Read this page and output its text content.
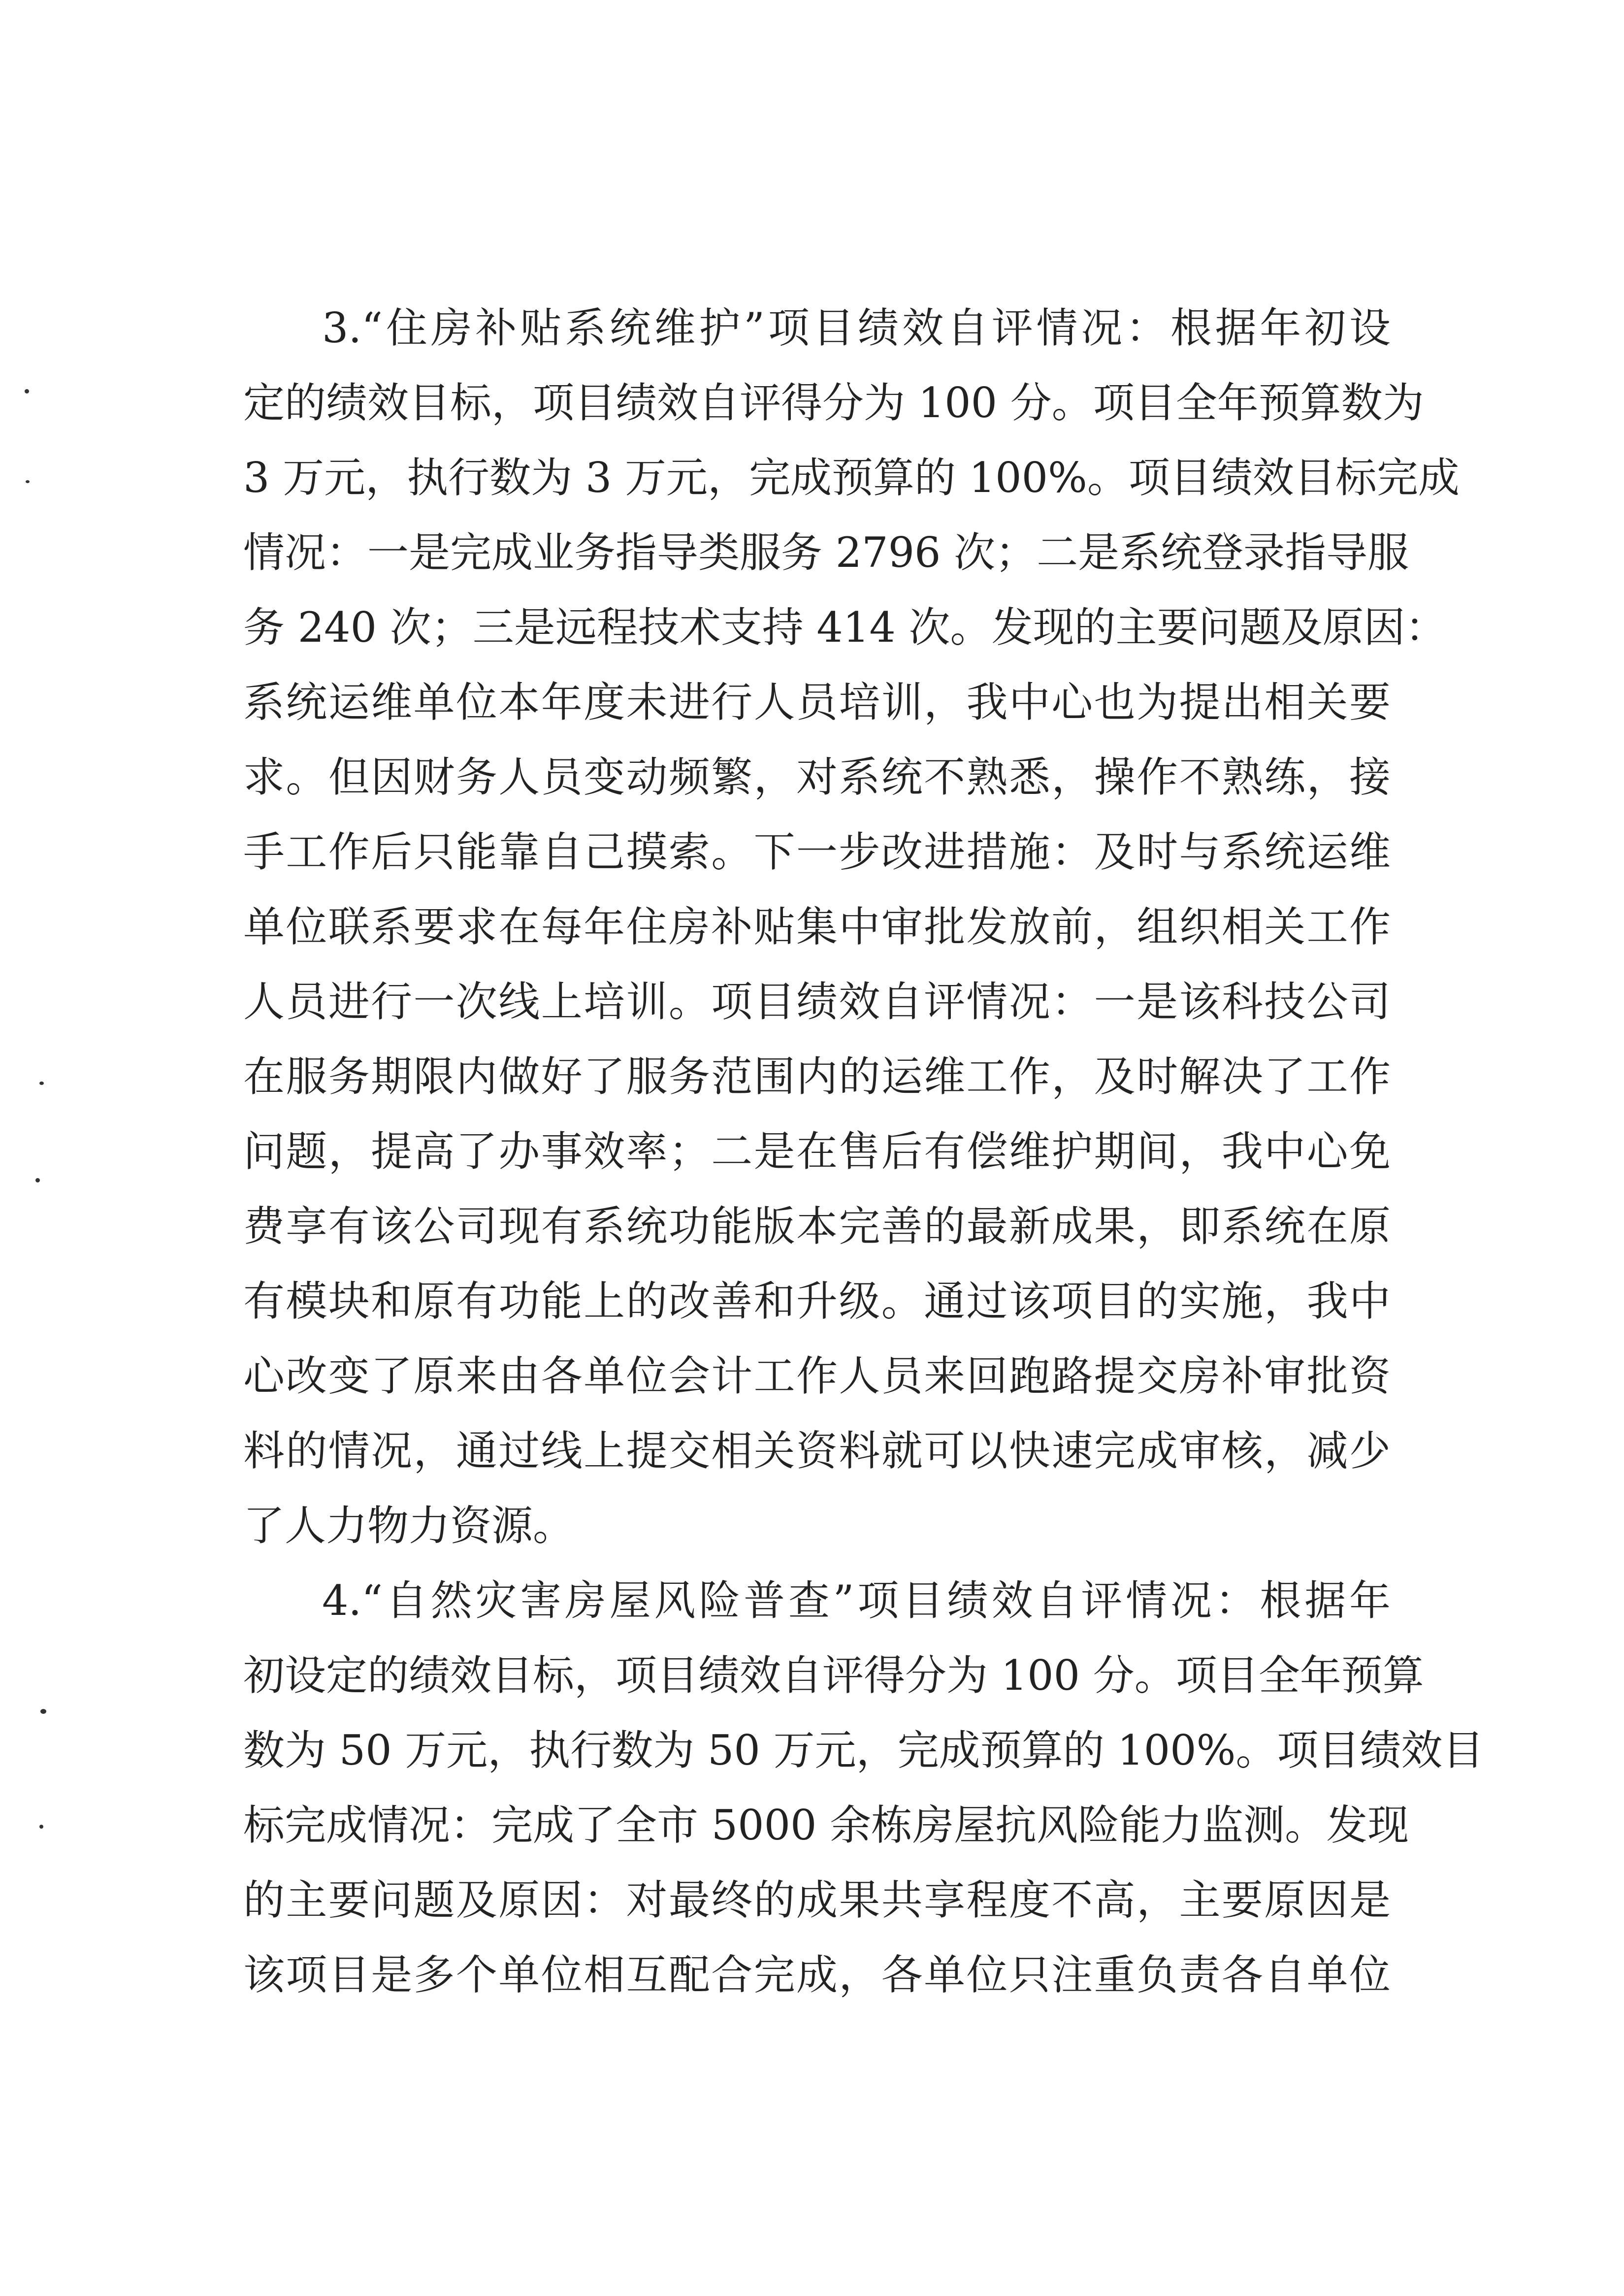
3.“住房补贴系统维护”项目绩效自评情况：根据年初设
定的绩效目标，项目绩效自评得分为 100 分。项目全年预算数为
3 万元，执行数为 3 万元，完成预算的 100%。项目绩效目标完成
情况：一是完成业务指导类服务 2796 次；二是系统登录指导服
务 240 次；三是远程技术支持 414 次。发现的主要问题及原因：
系统运维单位本年度未进行人员培训，我中心也为提出相关要
求。但因财务人员变动频繁，对系统不熟悉，操作不熟练，接
手工作后只能靠自己摸索。下一步改进措施：及时与系统运维
单位联系要求在每年住房补贴集中审批发放前，组织相关工作
人员进行一次线上培训。项目绩效自评情况：一是该科技公司
在服务期限内做好了服务范围内的运维工作，及时解决了工作
问题，提高了办事效率；二是在售后有偿维护期间，我中心免
费享有该公司现有系统功能版本完善的最新成果，即系统在原
有模块和原有功能上的改善和升级。通过该项目的实施，我中
心改变了原来由各单位会计工作人员来回跑路提交房补审批资
料的情况，通过线上提交相关资料就可以快速完成审核，减少
了人力物力资源。
4.“自然灾害房屋风险普查”项目绩效自评情况：根据年
初设定的绩效目标，项目绩效自评得分为 100 分。项目全年预算
数为 50 万元，执行数为 50 万元，完成预算的 100%。项目绩效目
标完成情况：完成了全市 5000 余栋房屋抗风险能力监测。发现
的主要问题及原因：对最终的成果共享程度不高，主要原因是
该项目是多个单位相互配合完成，各单位只注重负责各自单位
